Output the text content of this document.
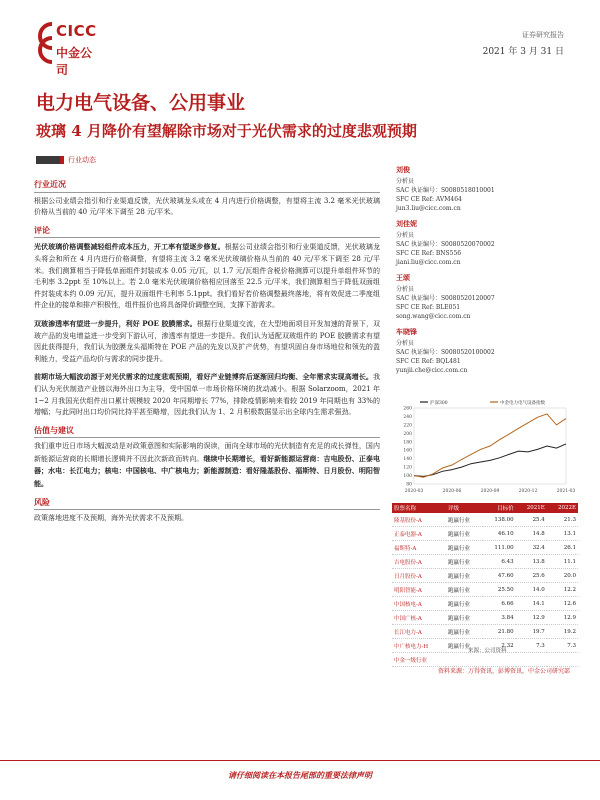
CICC
中金公司
证券研究报告
2021 年 3 月 31 日
电力电气设备、公用事业
玻璃 4 月降价有望解除市场对于光伏需求的过度悲观预期
行业动态
行业近况

根据公司业绩会指引和行业渠道反馈，光伏玻璃龙头或在 4 月内进行价格调整，有望将主流 3.2 毫米光伏玻璃价格从当前的 40 元/平米下调至 28 元/平米。

评论

光伏玻璃价格调整减轻组件成本压力，开工率有望逐步修复。根据公司业绩会指引和行业渠道反馈，光伏玻璃龙头将会和所在 4 月内进行价格调整，有望将主流 3.2 毫米光伏玻璃价格从当前的 40 元/平米下调至 28 元/平米。我们测算相当于降低单面组件封装成本 0.05 元/瓦，以 1.7 元/瓦组件含税价格测算可以提升单组件环节的毛利率 3.2ppt 至 10%以上。若 2.0 毫米光伏玻璃价格相应回落至 22.5 元/平米，我们测算相当于降低双面组件封装成本约 0.09 元/瓦，提升双面组件毛利率 5.1ppt。我们看好若价格调整最终落地，将有效促进二季度组件企业的接单和排产积极性，组件报价也将具备降价调整空间，支撑下游需求。

双玻渗透率有望进一步提升，利好 POE 胶膜需求。根据行业渠道交流，在大型地面项目开发加速的背景下，双玻产品的发电增益进一步受到下游认可，渗透率有望进一步提升。我们认为适配双玻组件的 POE 胶膜需求有望因此获得提升，我们认为胶膜龙头福斯特在 POE 产品的先发以及扩产优势，有望巩固自身市场地位和领先的盈利能力，受益产品均价与需求的同步提升。

前期市场大幅波动源于对光伏需求的过度悲观预期，看好产业链博弈后逐渐回归均衡、全年需求实现高增长。我们认为光伏制造产业链以海外出口为主导，受中国单一市场价格环境的扰动减小。根据 Solarzoom，2021 年 1~2 月我国光伏组件出口累计规模较 2020 年同期增长 77%，排除疫情影响来看较 2019 年同期也有 33%的增幅；与此同时出口均价同比持平甚至略增，因此我们认为 1、2 月积极数据显示出全球内生需求强劲。

估值与建议

我们重申近日市场大幅波动是对政策意图和实际影响的误读，面向全球市场的光伏制造有充足的成长弹性，国内新能源运营商的长期增长逻辑并不因此次新政而转向。继续中长期增长，看好新能源运营商：吉电股份、正泰电器；水电：长江电力；核电：中国核电、中广核电力；新能源制造：看好隆基股份、福斯特、日月股份、明阳智能。

风险

政策落地进度不及预期，海外光伏需求不及预期。

刘俊
分析员
SAC 执证编号：S0080518010001
SFC CE Ref: AVM464
jun3.liu@cicc.com.cn
刘佳妮
分析员
SAC 执证编号：S0080520070002
SFC CE Ref: BNS556
jiani.liu@cicc.com.cn
王颂
分析员
SAC 执证编号：S0080520120007
SFC CE Ref: BLE051
song.wang@cicc.com.cn
车晓锋
分析员
SAC 执证编号：S0080520100002
SFC CE Ref: BQL481
yunjii.che@cicc.com.cn
80
100
120
140
160
180
200
220
240
260
2020-03	2020-06	2020-09	2020-12	2021-03
沪深300	中金电力电气设备指数
股票名称	评级	目标价	2021E	2022E
隆基股份-A	跑赢行业	138.00	25.4	21.3
正泰电器-A	跑赢行业	46.10	14.8	13.1
福斯特-A	跑赢行业	111.00	32.4	26.1
吉电股份-A	跑赢行业	6.43	13.8	11.1
日月股份-A	跑赢行业	47.60	25.6	20.0
明阳智能-A	跑赢行业	25.50	14.0	12.2
中国核电-A	跑赢行业	6.66	14.1	12.6
中国广核-A	跑赢行业	3.84	12.9	12.9
长江电力-A	跑赢行业	21.80	19.7	19.2
中广核电力-H	跑赢行业	2.32	7.3	7.3
中金一级行业				
来源：公司资料
资料来源：万得资讯，彭博资讯，中金公司研究部
请仔细阅读在本报告尾部的重要法律声明
